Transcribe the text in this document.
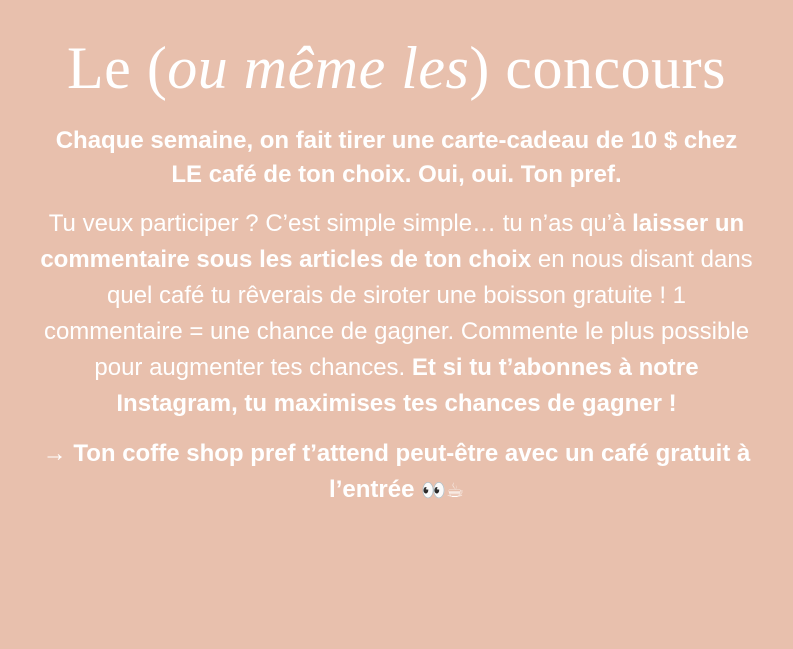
Le (ou même les) concours

Chaque semaine, on fait tirer une carte-cadeau de 10 $ chez LE café de ton choix. Oui, oui. Ton pref.

Tu veux participer ? C’est simple simple… tu n’as qu’à laisser un commentaire sous les articles de ton choix en nous disant dans quel café tu rêverais de siroter une boisson gratuite ! 1 commentaire = une chance de gagner. Commente le plus possible pour augmenter tes chances. Et si tu t’abonnes à notre Instagram, tu maximises tes chances de gagner !

→ Ton coffe shop pref t’attend peut-être avec un café gratuit à l’entrée 👀☕
